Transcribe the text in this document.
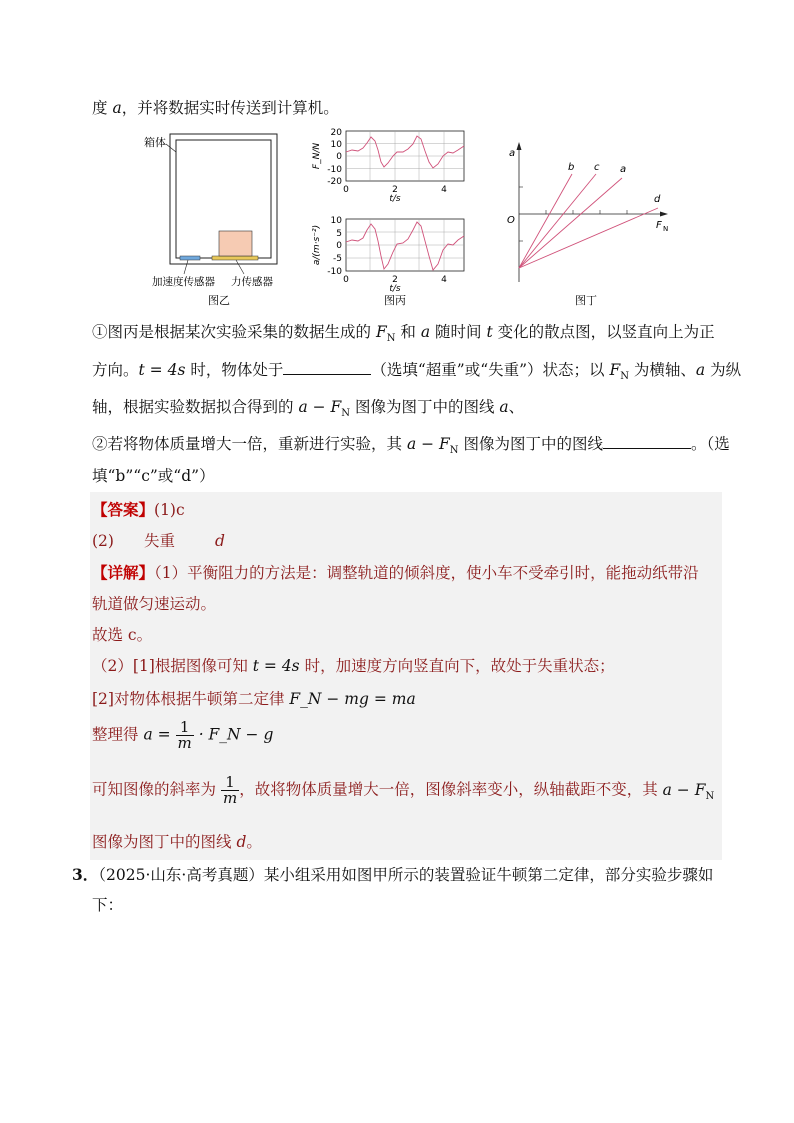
度 a，并将数据实时传送到计算机。
箱体
加速度传感器 力传感器
图乙
20
10
0
-10
-20
0	2	4
t/s
F_N/N
10
5
0
-5
-10
0	2	4
t/s
a/(m·s⁻²)
图丙
a
F N
O
b c a
d
图丁
①图丙是根据某次实验采集的数据生成的 $F_N$ 和 a 随时间 t 变化的散点图，以竖直向上为正
方向。t = 4s 时，物体处于	（选填“超重”或“失重”）状态；以 $F_N$ 为横轴、a 为纵
轴，根据实验数据拟合得到的 $a - F_N$ 图像为图丁中的图线 a、
②若将物体质量增大一倍，重新进行实验，其 $a - F_N$ 图像为图丁中的图线	。（选
填“b”“c”或“d”）
【答案】(1)c
(2) 失重	d
【详解】（1）平衡阻力的方法是：调整轨道的倾斜度，使小车不受牵引时，能拖动纸带沿
轨道做匀速运动。
故选 c。
（2）[1]根据图像可知 t = 4s 时，加速度方向竖直向下，故处于失重状态；
[2]对物体根据牛顿第二定律 F_N − mg = ma
整理得 $a = \frac{1}{m}$ · F_N − g
可知图像的斜率为 $\frac{1}{m}$ ，故将物体质量增大一倍，图像斜率变小，纵轴截距不变，其 $a - F_N$
图像为图丁中的图线 d。
3．（2025·山东·高考真题）某小组采用如图甲所示的装置验证牛顿第二定律，部分实验步骤如
下：
